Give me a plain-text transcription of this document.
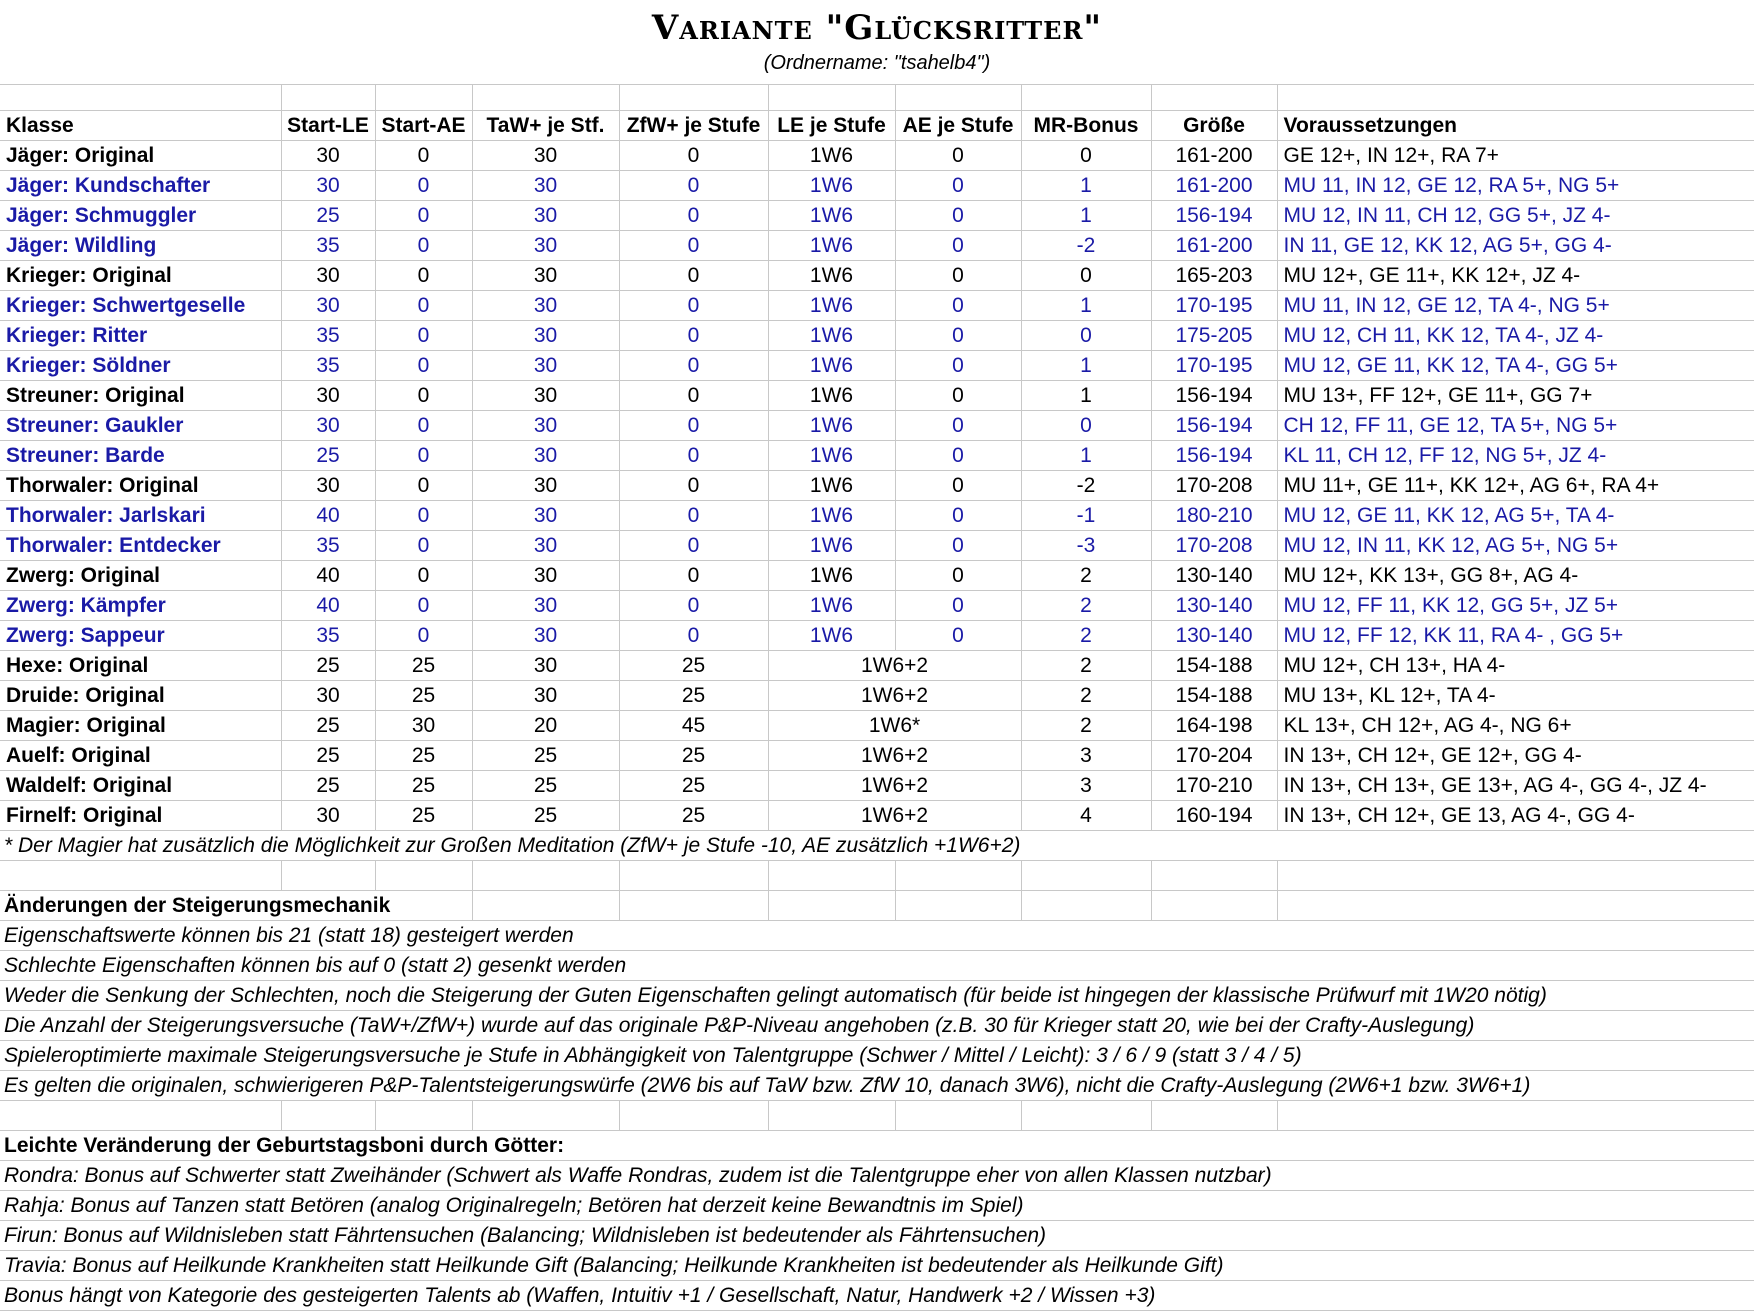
Variante "Glücksritter"
(Ordnername: "tsahelb4")

Klasse	Start-LE	Start-AE	TaW+ je Stf.	ZfW+ je Stufe	LE je Stufe	AE je Stufe	MR-Bonus	Größe	Voraussetzungen
Jäger: Original	30	0	30	0	1W6	0	0	161-200	GE 12+, IN 12+, RA 7+
Jäger: Kundschafter	30	0	30	0	1W6	0	1	161-200	MU 11, IN 12, GE 12, RA 5+, NG 5+
Jäger: Schmuggler	25	0	30	0	1W6	0	1	156-194	MU 12, IN 11, CH 12, GG 5+, JZ 4-
Jäger: Wildling	35	0	30	0	1W6	0	-2	161-200	IN 11, GE 12, KK 12, AG 5+, GG 4-
Krieger: Original	30	0	30	0	1W6	0	0	165-203	MU 12+, GE 11+, KK 12+, JZ 4-
Krieger: Schwertgeselle	30	0	30	0	1W6	0	1	170-195	MU 11, IN 12, GE 12, TA 4-, NG 5+
Krieger: Ritter	35	0	30	0	1W6	0	0	175-205	MU 12, CH 11, KK 12, TA 4-, JZ 4-
Krieger: Söldner	35	0	30	0	1W6	0	1	170-195	MU 12, GE 11, KK 12, TA 4-, GG 5+
Streuner: Original	30	0	30	0	1W6	0	1	156-194	MU 13+, FF 12+, GE 11+, GG 7+
Streuner: Gaukler	30	0	30	0	1W6	0	0	156-194	CH 12, FF 11, GE 12, TA 5+, NG 5+
Streuner: Barde	25	0	30	0	1W6	0	1	156-194	KL 11, CH 12, FF 12, NG 5+, JZ 4-
Thorwaler: Original	30	0	30	0	1W6	0	-2	170-208	MU 11+, GE 11+, KK 12+, AG 6+, RA 4+
Thorwaler: Jarlskari	40	0	30	0	1W6	0	-1	180-210	MU 12, GE 11, KK 12, AG 5+, TA 4-
Thorwaler: Entdecker	35	0	30	0	1W6	0	-3	170-208	MU 12, IN 11, KK 12, AG 5+, NG 5+
Zwerg: Original	40	0	30	0	1W6	0	2	130-140	MU 12+, KK 13+, GG 8+, AG 4-
Zwerg: Kämpfer	40	0	30	0	1W6	0	2	130-140	MU 12, FF 11, KK 12, GG 5+, JZ 5+
Zwerg: Sappeur	35	0	30	0	1W6	0	2	130-140	MU 12, FF 12, KK 11, RA 4- , GG 5+
Hexe: Original	25	25	30	25	1W6+2		2	154-188	MU 12+, CH 13+, HA 4-
Druide: Original	30	25	30	25	1W6+2		2	154-188	MU 13+, KL 12+, TA 4-
Magier: Original	25	30	20	45	1W6*		2	164-198	KL 13+, CH 12+, AG 4-, NG 6+
Auelf: Original	25	25	25	25	1W6+2		3	170-204	IN 13+, CH 12+, GE 12+, GG 4-
Waldelf: Original	25	25	25	25	1W6+2		3	170-210	IN 13+, CH 13+, GE 13+, AG 4-, GG 4-, JZ 4-
Firnelf: Original	30	25	25	25	1W6+2		4	160-194	IN 13+, CH 12+, GE 13, AG 4-, GG 4-
* Der Magier hat zusätzlich die Möglichkeit zur Großen Meditation (ZfW+ je Stufe -10, AE zusätzlich +1W6+2)									

Änderungen der Steigerungsmechanik									
Eigenschaftswerte können bis 21 (statt 18) gesteigert werden									
Schlechte Eigenschaften können bis auf 0 (statt 2) gesenkt werden									
Weder die Senkung der Schlechten, noch die Steigerung der Guten Eigenschaften gelingt automatisch (für beide ist hingegen der klassische Prüfwurf mit 1W20 nötig)									
Die Anzahl der Steigerungsversuche (TaW+/ZfW+) wurde auf das originale P&P-Niveau angehoben (z.B. 30 für Krieger statt 20, wie bei der Crafty-Auslegung)									
Spieleroptimierte maximale Steigerungsversuche je Stufe in Abhängigkeit von Talentgruppe (Schwer / Mittel / Leicht): 3 / 6 / 9 (statt 3 / 4 / 5)									
Es gelten die originalen, schwierigeren P&P-Talentsteigerungswürfe (2W6 bis auf TaW bzw. ZfW 10, danach 3W6), nicht die Crafty-Auslegung (2W6+1 bzw. 3W6+1)									

Leichte Veränderung der Geburtstagsboni durch Götter:									
Rondra: Bonus auf Schwerter statt Zweihänder (Schwert als Waffe Rondras, zudem ist die Talentgruppe eher von allen Klassen nutzbar)									
Rahja: Bonus auf Tanzen statt Betören (analog Originalregeln; Betören hat derzeit keine Bewandtnis im Spiel)									
Firun: Bonus auf Wildnisleben statt Fährtensuchen (Balancing; Wildnisleben ist bedeutender als Fährtensuchen)									
Travia: Bonus auf Heilkunde Krankheiten statt Heilkunde Gift (Balancing; Heilkunde Krankheiten ist bedeutender als Heilkunde Gift)									
Bonus hängt von Kategorie des gesteigerten Talents ab (Waffen, Intuitiv +1 / Gesellschaft, Natur, Handwerk +2 / Wissen +3)									
